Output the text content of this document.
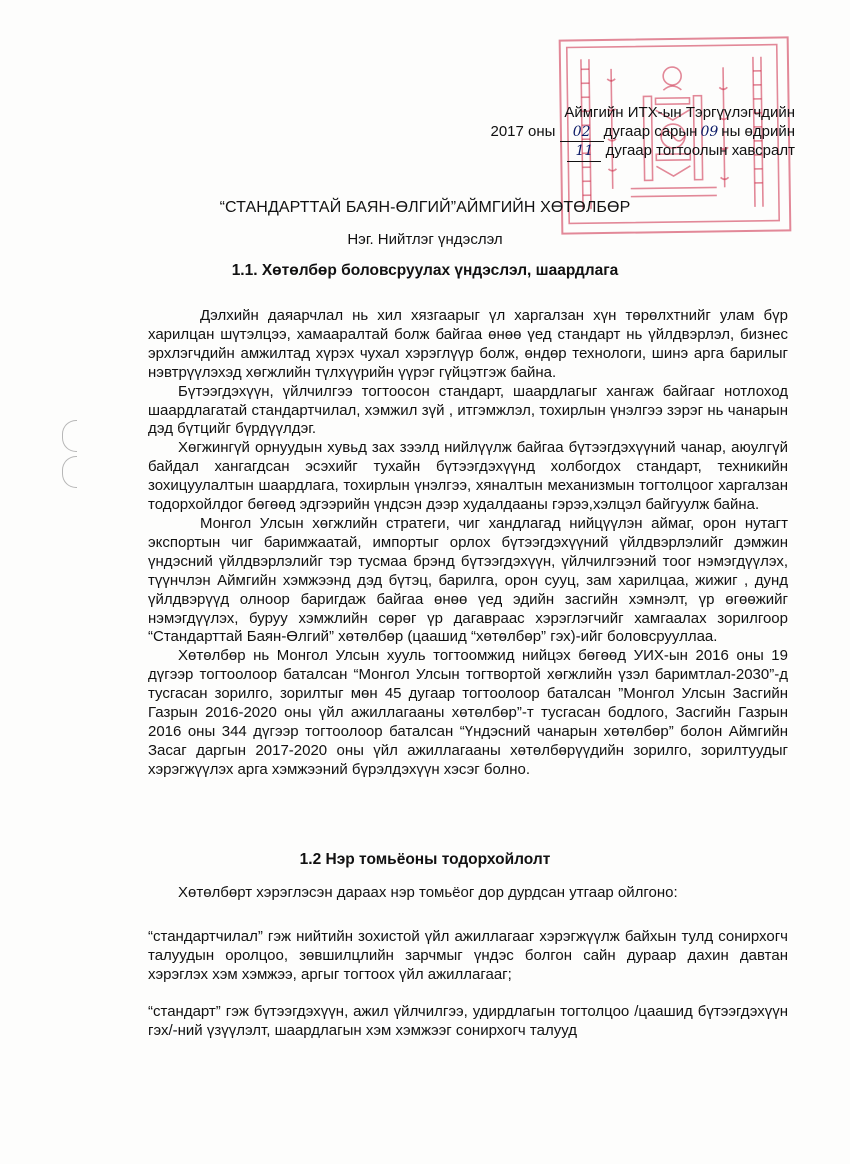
Аймгийн ИТХ-ын Тэргүүлэгчдийн
2017 оны 02 дугаар сарын 09 ны өдрийн
11 дугаар тогтоолын хавсралт
“СТАНДАРТТАЙ БАЯН-ӨЛГИЙ”АЙМГИЙН ХӨТӨЛБӨР
Нэг. Нийтлэг үндэслэл
1.1. Хөтөлбөр боловсруулах үндэслэл, шаардлага

Дэлхийн даяарчлал нь хил хязгаарыг үл харгалзан хүн төрөлхтнийг улам бүр харилцан шүтэлцээ, хамааралтай болж байгаа өнөө үед стандарт нь үйлдвэрлэл, бизнес эрхлэгчдийн амжилтад хүрэх чухал хэрэглүүр болж, өндөр технологи, шинэ арга барилыг нэвтрүүлэхэд хөгжлийн түлхүүрийн үүрэг гүйцэтгэж байна.

Бүтээгдэхүүн, үйлчилгээ тогтоосон стандарт, шаардлагыг хангаж байгааг нотлоход шаардлагатай стандартчилал, хэмжил зүй , итгэмжлэл, тохирлын үнэлгээ зэрэг нь чанарын дэд бүтцийг бүрдүүлдэг.

Хөгжингүй орнуудын хувьд зах зээлд нийлүүлж байгаа бүтээгдэхүүний чанар, аюулгүй байдал хангагдсан эсэхийг тухайн бүтээгдэхүүнд холбогдох стандарт, техникийн зохицуулалтын шаардлага, тохирлын үнэлгээ, хяналтын механизмын тогтолцоог харгалзан тодорхойлдог бөгөөд эдгээрийн үндсэн дээр худалдааны гэрээ,хэлцэл байгуулж байна.

Монгол Улсын хөгжлийн стратеги, чиг хандлагад нийцүүлэн аймаг, орон нутагт экспортын чиг баримжаатай, импортыг орлох бүтээгдэхүүний үйлдвэрлэлийг дэмжин үндэсний үйлдвэрлэлийг тэр тусмаа брэнд бүтээгдэхүүн, үйлчилгээний тоог нэмэгдүүлэх, түүнчлэн Аймгийн хэмжээнд дэд бүтэц, барилга, орон сууц, зам харилцаа, жижиг , дунд үйлдвэрүүд олноор баригдаж байгаа өнөө үед эдийн засгийн хэмнэлт, үр өгөөжийг нэмэгдүүлэх, буруу хэмжлийн сөрөг үр дагавраас хэрэглэгчийг хамгаалах зорилгоор “Стандарттай Баян-Өлгий” хөтөлбөр (цаашид “хөтөлбөр” гэх)-ийг боловсрууллаа.

Хөтөлбөр нь Монгол Улсын хууль тогтоомжид нийцэх бөгөөд УИХ-ын 2016 оны 19 дүгээр тогтоолоор баталсан “Монгол Улсын тогтвортой хөгжлийн үзэл баримтлал-2030”-д тусгасан зорилго, зорилтыг мөн 45 дугаар тогтоолоор баталсан ”Монгол Улсын Засгийн Газрын 2016-2020 оны үйл ажиллагааны хөтөлбөр”-т тусгасан бодлого, Засгийн Газрын 2016 оны 344 дүгээр тогтоолоор баталсан “Үндэсний чанарын хөтөлбөр” болон Аймгийн Засаг даргын 2017-2020 оны үйл ажиллагааны хөтөлбөрүүдийн зорилго, зорилтуудыг хэрэгжүүлэх арга хэмжээний бүрэлдэхүүн хэсэг болно.

1.2 Нэр томьёоны тодорхойлолт

Хөтөлбөрт хэрэглэсэн дараах нэр томьёог дор дурдсан утгаар ойлгоно:

“стандартчилал” гэж нийтийн зохистой үйл ажиллагааг хэрэгжүүлж байхын тулд сонирхогч талуудын оролцоо, зөвшилцлийн зарчмыг үндэс болгон сайн дураар дахин давтан хэрэглэх хэм хэмжээ, аргыг тогтоох үйл ажиллагааг;

“стандарт” гэж бүтээгдэхүүн, ажил үйлчилгээ, удирдлагын тогтолцоо /цаашид бүтээгдэхүүн гэх/-ний үзүүлэлт, шаардлагын хэм хэмжээг сонирхогч талууд
